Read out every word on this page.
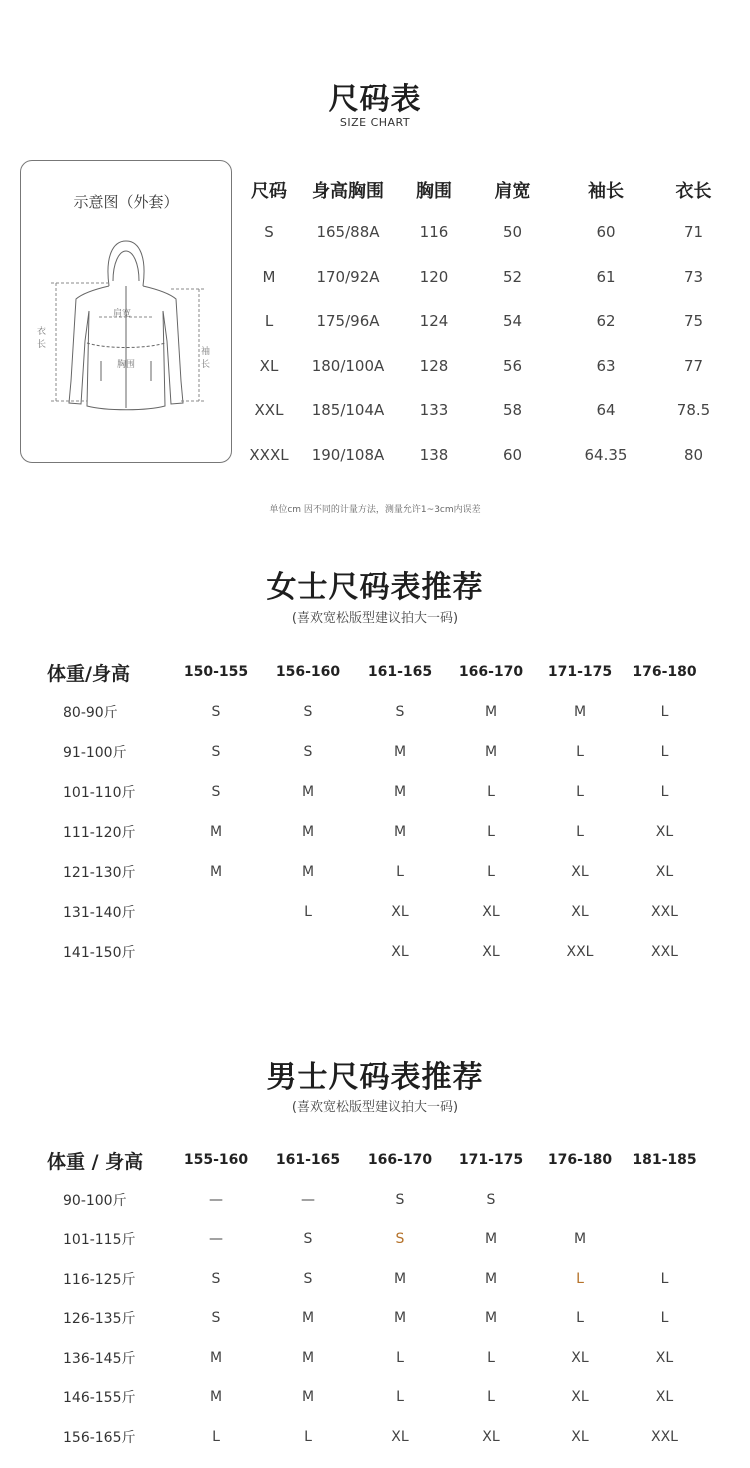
尺码表
SIZE CHART
示意图（外套）
衣长
肩宽
胸围
袖长
尺码	身高胸围	胸围	肩宽	袖长	衣长
S	165/88A	116	50	60	71
M	170/92A	120	52	61	73
L	175/96A	124	54	62	75
XL	180/100A	128	56	63	77
XXL	185/104A	133	58	64	78.5
XXXL	190/108A	138	60	64.35	80
单位cm 因不同的计量方法，测量允许1~3cm内误差
女士尺码表推荐
(喜欢宽松版型建议拍大一码)
体重/身高	150-155	156-160	161-165	166-170	171-175	176-180
80-90斤	S	S	S	M	M	L
91-100斤	S	S	M	M	L	L
101-110斤	S	M	M	L	L	L
111-120斤	M	M	M	L	L	XL
121-130斤	M	M	L	L	XL	XL
131-140斤		L	XL	XL	XL	XXL
141-150斤			XL	XL	XXL	XXL
男士尺码表推荐
(喜欢宽松版型建议拍大一码)
体重 / 身高	155-160	161-165	166-170	171-175	176-180	181-185
90-100斤	—	—	S	S		
101-115斤	—	S	S	M	M	
116-125斤	S	S	M	M	L	L
126-135斤	S	M	M	M	L	L
136-145斤	M	M	L	L	XL	XL
146-155斤	M	M	L	L	XL	XL
156-165斤	L	L	XL	XL	XL	XXL
